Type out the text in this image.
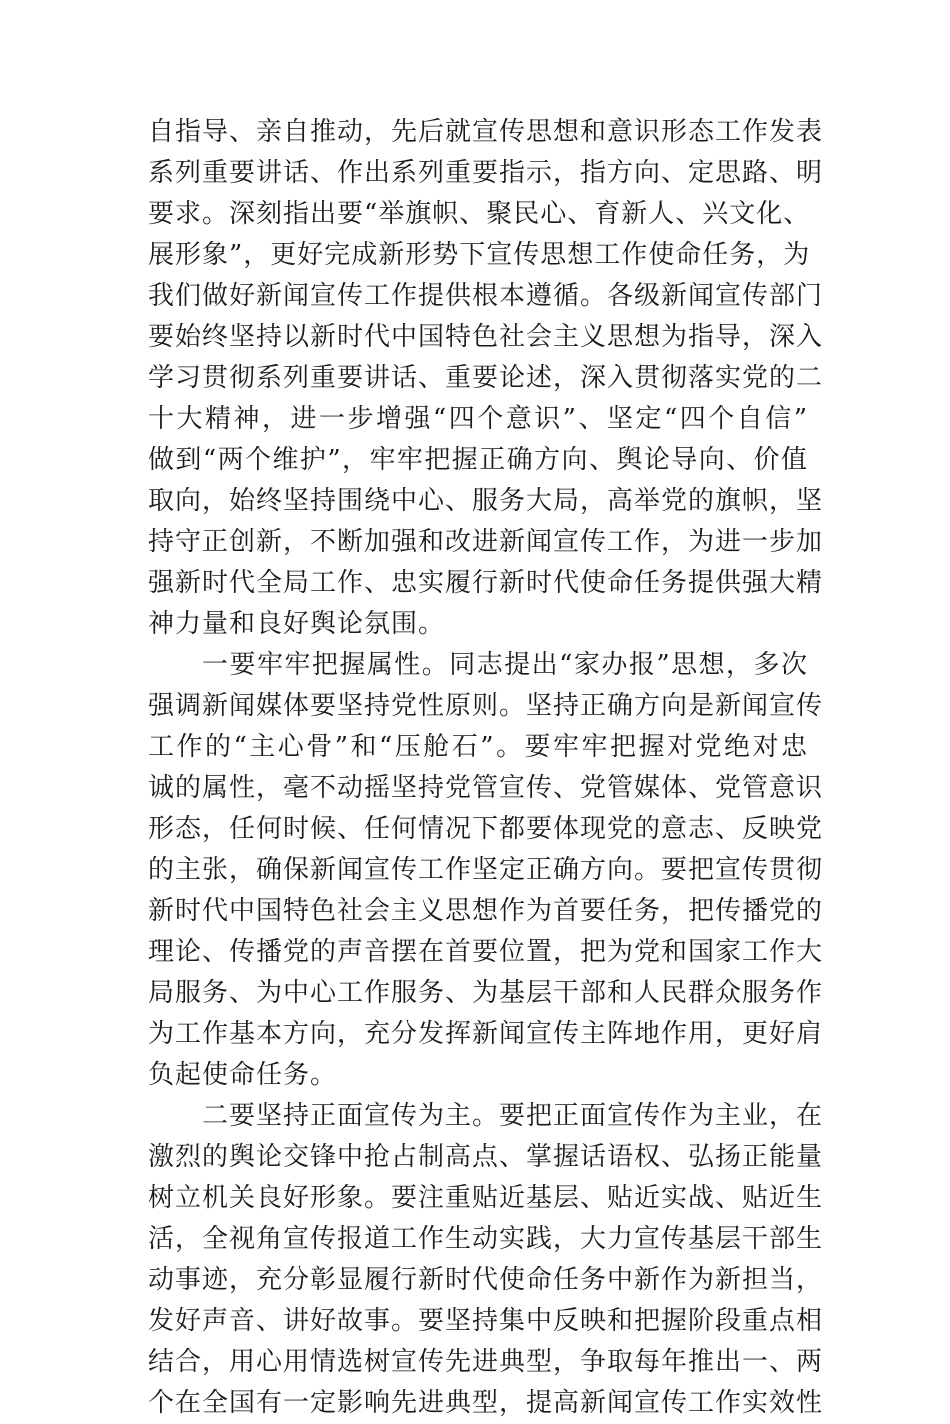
自指导、亲自推动，先后就宣传思想和意识形态工作发表
系列重要讲话、作出系列重要指示，指方向、定思路、明
要求。深刻指出要“举旗帜、聚民心、育新人、兴文化、
展形象”，更好完成新形势下宣传思想工作使命任务，为
我们做好新闻宣传工作提供根本遵循。各级新闻宣传部门
要始终坚持以新时代中国特色社会主义思想为指导，深入
学习贯彻系列重要讲话、重要论述，深入贯彻落实党的二
十大精神，进一步增强“四个意识”、坚定“四个自信”
做到“两个维护”，牢牢把握正确方向、舆论导向、价值
取向，始终坚持围绕中心、服务大局，高举党的旗帜，坚
持守正创新，不断加强和改进新闻宣传工作，为进一步加
强新时代全局工作、忠实履行新时代使命任务提供强大精
神力量和良好舆论氛围。
一要牢牢把握属性。同志提出“家办报”思想，多次
强调新闻媒体要坚持党性原则。坚持正确方向是新闻宣传
工作的“主心骨”和“压舱石”。要牢牢把握对党绝对忠
诚的属性，毫不动摇坚持党管宣传、党管媒体、党管意识
形态，任何时候、任何情况下都要体现党的意志、反映党
的主张，确保新闻宣传工作坚定正确方向。要把宣传贯彻
新时代中国特色社会主义思想作为首要任务，把传播党的
理论、传播党的声音摆在首要位置，把为党和国家工作大
局服务、为中心工作服务、为基层干部和人民群众服务作
为工作基本方向，充分发挥新闻宣传主阵地作用，更好肩
负起使命任务。
二要坚持正面宣传为主。要把正面宣传作为主业，在
激烈的舆论交锋中抢占制高点、掌握话语权、弘扬正能量
树立机关良好形象。要注重贴近基层、贴近实战、贴近生
活，全视角宣传报道工作生动实践，大力宣传基层干部生
动事迹，充分彰显履行新时代使命任务中新作为新担当，
发好声音、讲好故事。要坚持集中反映和把握阶段重点相
结合，用心用情选树宣传先进典型，争取每年推出一、两
个在全国有一定影响先进典型，提高新闻宣传工作实效性
